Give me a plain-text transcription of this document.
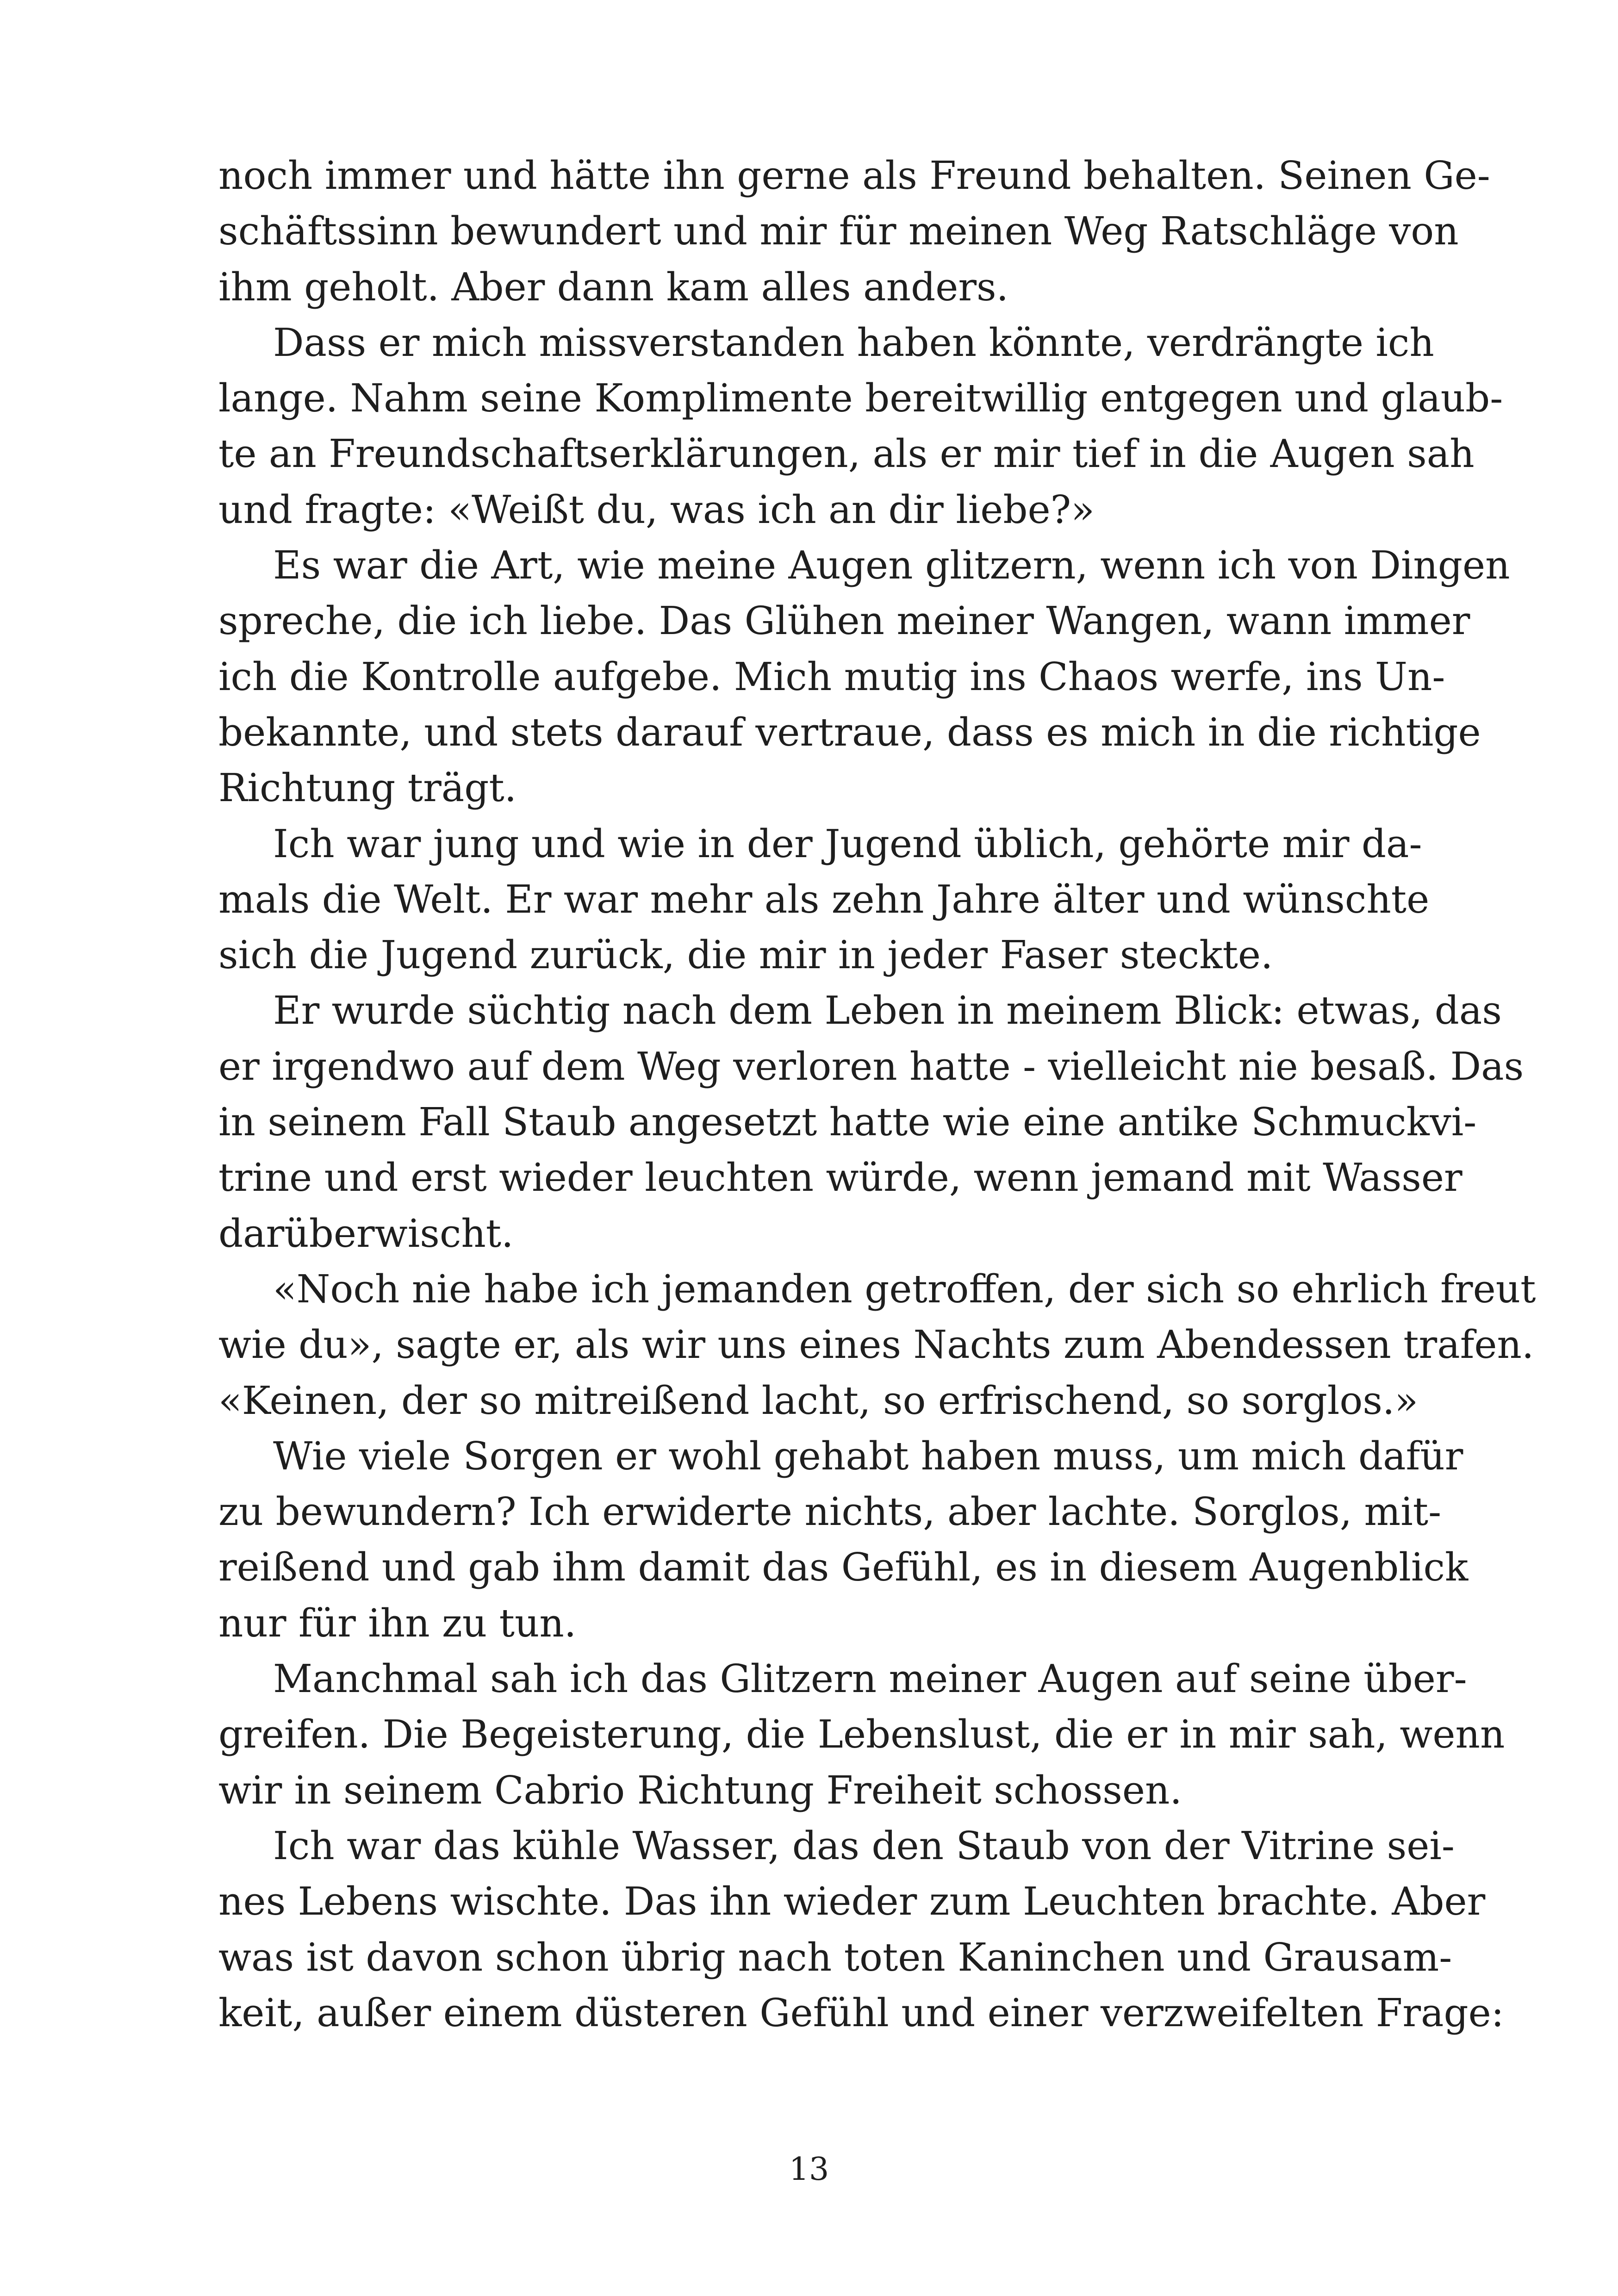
noch immer und hätte ihn gerne als Freund behalten. Seinen Ge-
schäftssinn bewundert und mir für meinen Weg Ratschläge von
ihm geholt. Aber dann kam alles anders.
Dass er mich missverstanden haben könnte, verdrängte ich
lange. Nahm seine Komplimente bereitwillig entgegen und glaub-
te an Freundschaftserklärungen, als er mir tief in die Augen sah
und fragte: «Weißt du, was ich an dir liebe?»
Es war die Art, wie meine Augen glitzern, wenn ich von Dingen
spreche, die ich liebe. Das Glühen meiner Wangen, wann immer
ich die Kontrolle aufgebe. Mich mutig ins Chaos werfe, ins Un-
bekannte, und stets darauf vertraue, dass es mich in die richtige
Richtung trägt.
Ich war jung und wie in der Jugend üblich, gehörte mir da-
mals die Welt. Er war mehr als zehn Jahre älter und wünschte
sich die Jugend zurück, die mir in jeder Faser steckte.
Er wurde süchtig nach dem Leben in meinem Blick: etwas, das
er irgendwo auf dem Weg verloren hatte - vielleicht nie besaß. Das
in seinem Fall Staub angesetzt hatte wie eine antike Schmuckvi-
trine und erst wieder leuchten würde, wenn jemand mit Wasser
darüberwischt.
«Noch nie habe ich jemanden getroffen, der sich so ehrlich freut
wie du», sagte er, als wir uns eines Nachts zum Abendessen trafen.
«Keinen, der so mitreißend lacht, so erfrischend, so sorglos.»
Wie viele Sorgen er wohl gehabt haben muss, um mich dafür
zu bewundern? Ich erwiderte nichts, aber lachte. Sorglos, mit-
reißend und gab ihm damit das Gefühl, es in diesem Augenblick
nur für ihn zu tun.
Manchmal sah ich das Glitzern meiner Augen auf seine über-
greifen. Die Begeisterung, die Lebenslust, die er in mir sah, wenn
wir in seinem Cabrio Richtung Freiheit schossen.
Ich war das kühle Wasser, das den Staub von der Vitrine sei-
nes Lebens wischte. Das ihn wieder zum Leuchten brachte. Aber
was ist davon schon übrig nach toten Kaninchen und Grausam-
keit, außer einem düsteren Gefühl und einer verzweifelten Frage:
13
